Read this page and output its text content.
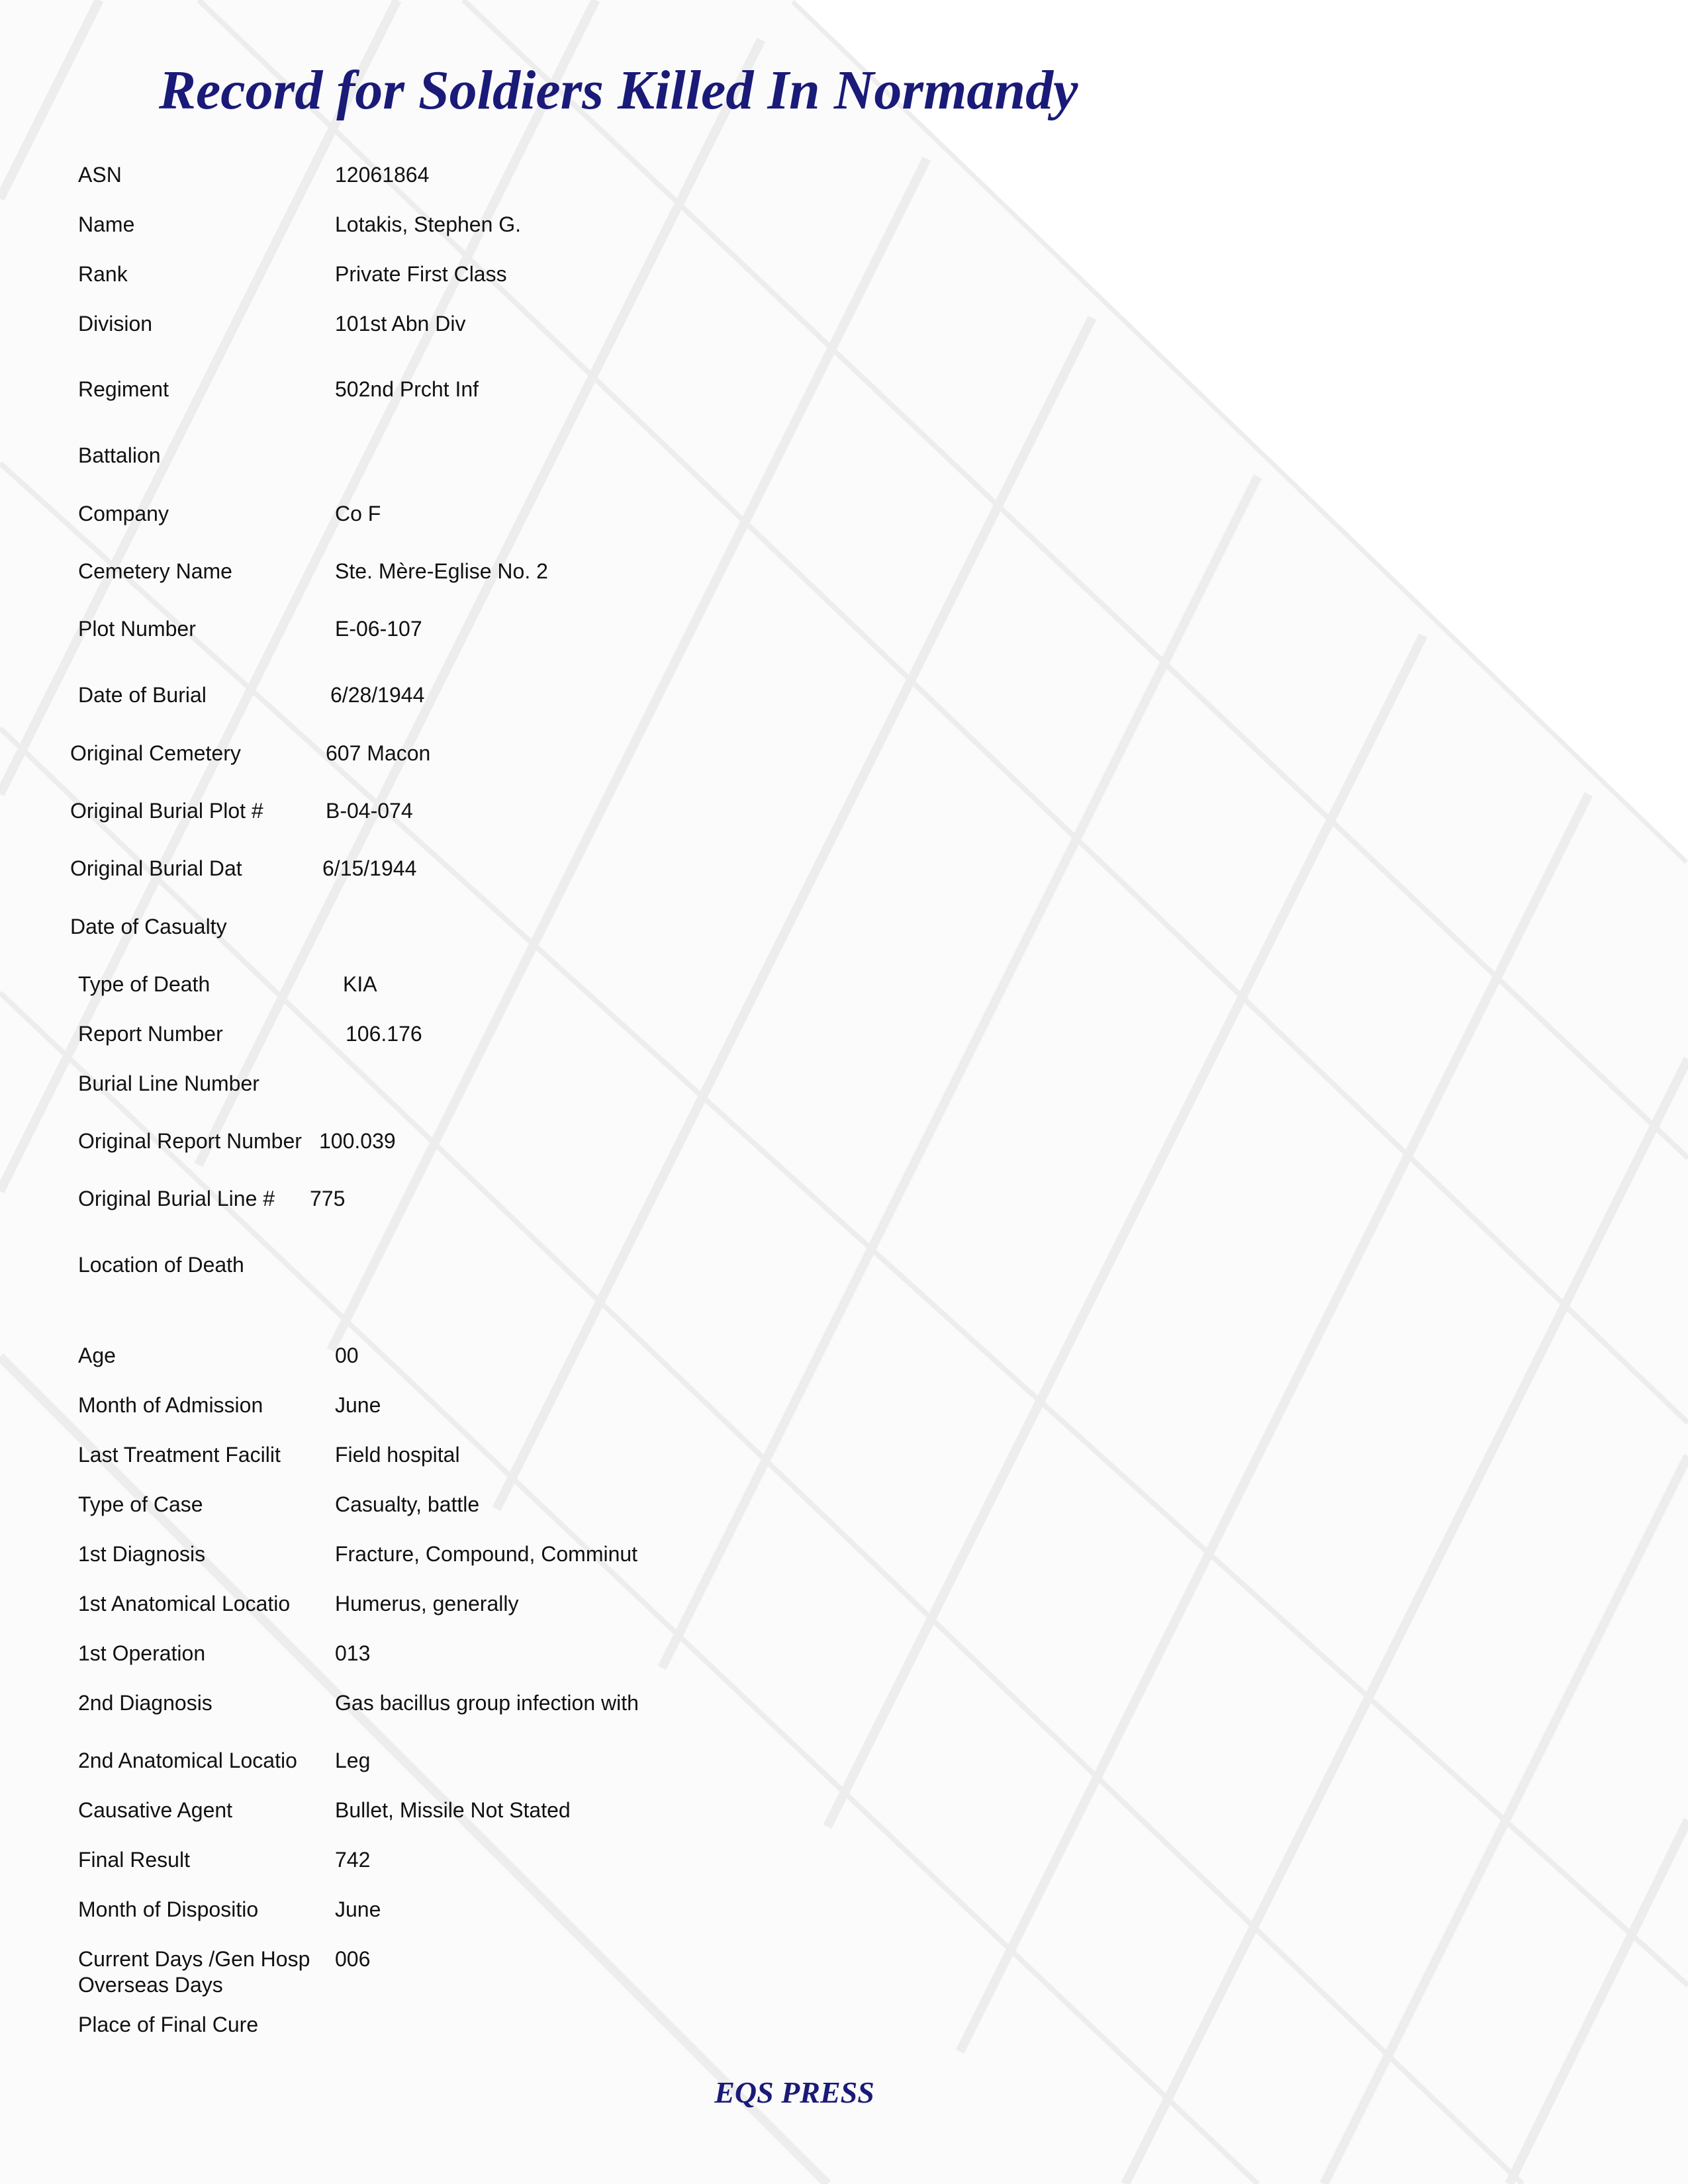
Record for Soldiers Killed In Normandy
ASN	12061864
Name	Lotakis, Stephen G.
Rank	Private First Class
Division	101st Abn Div
Regiment	502nd Prcht Inf
Battalion
Company	Co F
Cemetery Name	Ste. Mère-Eglise No. 2
Plot Number	E-06-107
Date of Burial	6/28/1944
Original Cemetery	607 Macon
Original Burial Plot #	B-04-074
Original Burial Dat	6/15/1944
Date of Casualty
Type of Death	KIA
Report Number	106.176
Burial Line Number
Original Report Number 100.039
Original Burial Line # 775
Location of Death
Age	00
Month of Admission	June
Last Treatment Facilit	Field hospital
Type of Case	Casualty, battle
1st Diagnosis	Fracture, Compound, Comminut
1st Anatomical Locatio Humerus, generally
1st Operation	013
2nd Diagnosis	Gas bacillus group infection with
2nd Anatomical Locatio Leg
Causative Agent	Bullet, Missile Not Stated
Final Result	742
Month of Dispositio	June
Current Days /Gen Hosp 006
Overseas Days
Place of Final Cure
EQS PRESS
